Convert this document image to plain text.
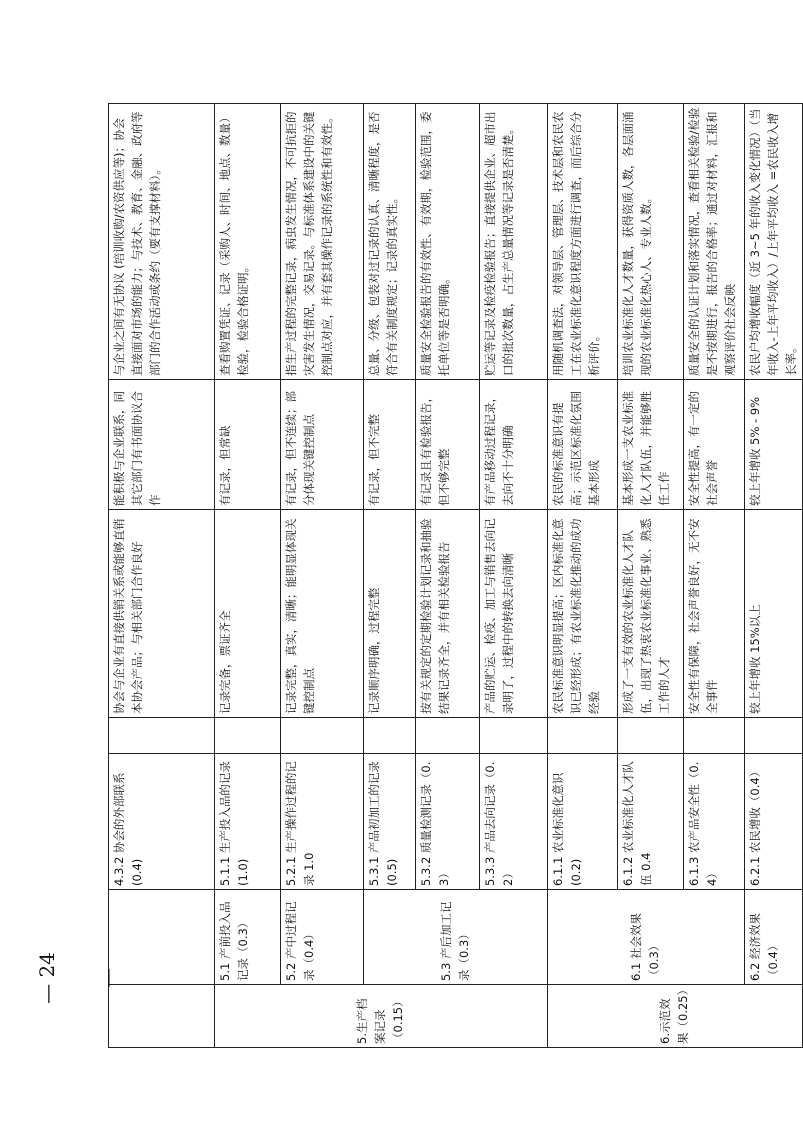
		4.3.2 协会的外部联系 (0.4)		协会与企业有直接供销关系或能够直销本协会产品；与相关部门合作良好	能积极与企业联系，同其它部门有书面协议合作	与企业之间有无协议 (培训收购/农资供应等)；协会直接面对市场的能力；与技术、教育、金融、政府等部门的合作活动或条约（要有支撑材料）。
5.生产档案记录（0.15）	5.1 产前投入品记录（0.3）	5.1.1 生产投入品的记录(1.0)		记录完备，票证齐全	有记录，但常缺	查看购置凭证、记录（采购人、时间、地点、数量）检验，检验合格证明。
	5.2 产中过程记录（0.4）	5.2.1 生产操作过程的记录 1.0		记录完整，真实，清晰；能明显体现关键控制点	有记录，但不连续；部分体现关键控制点	指生产过程的完整记录，病虫发生情况，不可抗拒的灾害发生情况，交易记录。与标准体系建设中的关键控制点对应，并有套其操作记录的系统性和有效性。
	5.3 产后加工记录（0.3）	5.3.1 产品初加工的记录(0.5)		记录顺序明确，过程完整	有记录，但不完整	总量、分级、包装对过记录的认真、清晰程度，是否符合有关制度规定；记录的真实性。
		5.3.2 质量检测记录（0.3）		按有关规定的定期检验计划记录和抽验结果记录齐全，并有相关检验报告	有记录且有检验报告，但不够完整	质量安全检验报告的有效性、有效期，检验范围，委托单位等是否明确。
		5.3.3 产品去向记录（0.2）		产品的贮运、检疫、加工与销售去向记录明了，过程中的转换去向清晰	有产品移动过程记录，去向不十分明确	贮运等记录及检疫检验报告；直接提供企业、超市出口的批次数量，占生产总量情况等记录是否清楚。
6.示范效果（0.25）	6.1 社会效果（0.3）	6.1.1 农业标准化意识 (0.2)		农民标准意识明显提高；区内标准化意识已经形成；有农业标准化推动的成功经验	农民的标准意识有提高；示范区标准化氛围基本形成	用随机调查法，对领导层、管理层、技术层和农民农工在农业标准化意识程度方面进行调查，而后综合分析评价。
		6.1.2 农业标准化人才队伍 0.4		形成了一支有效的农业标准化人才队伍，出现了热衷农业标准化事业、熟悉工作的人才	基本形成一支农业标准化人才队伍，并能够胜任工作	培训农业标准化人才数量，获得资质人数，各层面涌现的农业标准化热心人、专业人数。
		6.1.3 农产品安全性（0.4）		安全性有保障，社会声誉良好，无不安全事件	安全性提高，有一定的社会声誉	质量安全的认证计划和落实情况，查看相关检验/检验是不按期进行，报告的合格率；通过对材料，汇报和观察评价社会反映
	6.2 经济效果（0.4）	6.2.1 农民增收（0.4）		较上年增收 15%以上	较上年增收 5% - 9%	农民户均增收幅度（近 3~5 年的收入变化情况）（当年收入-上年平均收入）/上年平均收入 =农民收入增长率。
— 24 —
